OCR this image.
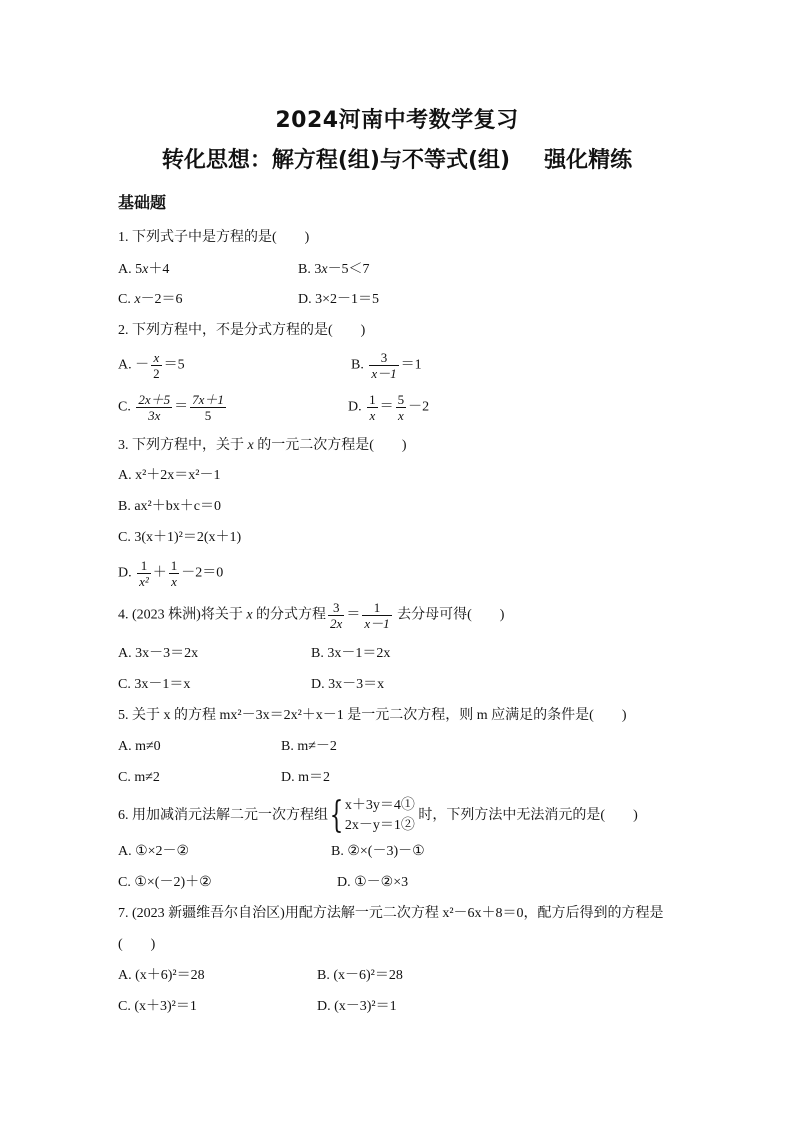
2024河南中考数学复习
转化思想：解方程(组)与不等式(组) 强化精练
基础题
1. 下列式子中是方程的是(　　)
A. 5x＋4	B. 3x－5＜7
C. x－2＝6	D. 3×2－1＝5
2. 下列方程中，不是分式方程的是(　　)
A. － $\frac{x}{2} =5$	B. $\frac{3}{x-1} =1$
C. $\frac{2x+5}{3x} = \frac{7x+1}{5}$	D. $\frac{1}{x} = \frac{5}{x} -2$
3. 下列方程中，关于 x 的一元二次方程是(　　)
A. x²＋2x＝x²－1
B. ax²＋bx＋c＝0
C. 3(x＋1)²＝2(x＋1)
D. $\frac{1}{\text{x²}} + \frac{1}{x} -2=0$
4. (2023 株洲)将关于 x 的分式方程 $\frac{3}{2x} = \frac{1}{x-1}$ 去分母可得(　　)
A. 3x－3＝2x	B. 3x－1＝2x
C. 3x－1＝x	D. 3x－3＝x
5. 关于 x 的方程 mx²－3x＝2x²＋x－1 是一元二次方程，则 m 应满足的条件是(　　)
A. m≠0	B. m≠－2
C. m≠2	D. m＝2
6. 用加减消元法解二元一次方程组{ x＋3y＝4①
2x－y＝1②
时，下列方法中无法消元的是(　　)
A. ①×2－②	B. ②×(－3)－①
C. ①×(－2)＋②	D. ①－②×3
7. (2023 新疆维吾尔自治区)用配方法解一元二次方程 x²－6x＋8＝0，配方后得到的方程是
(　　)
A. (x＋6)²＝28	B. (x－6)²＝28
C. (x＋3)²＝1	D. (x－3)²＝1
